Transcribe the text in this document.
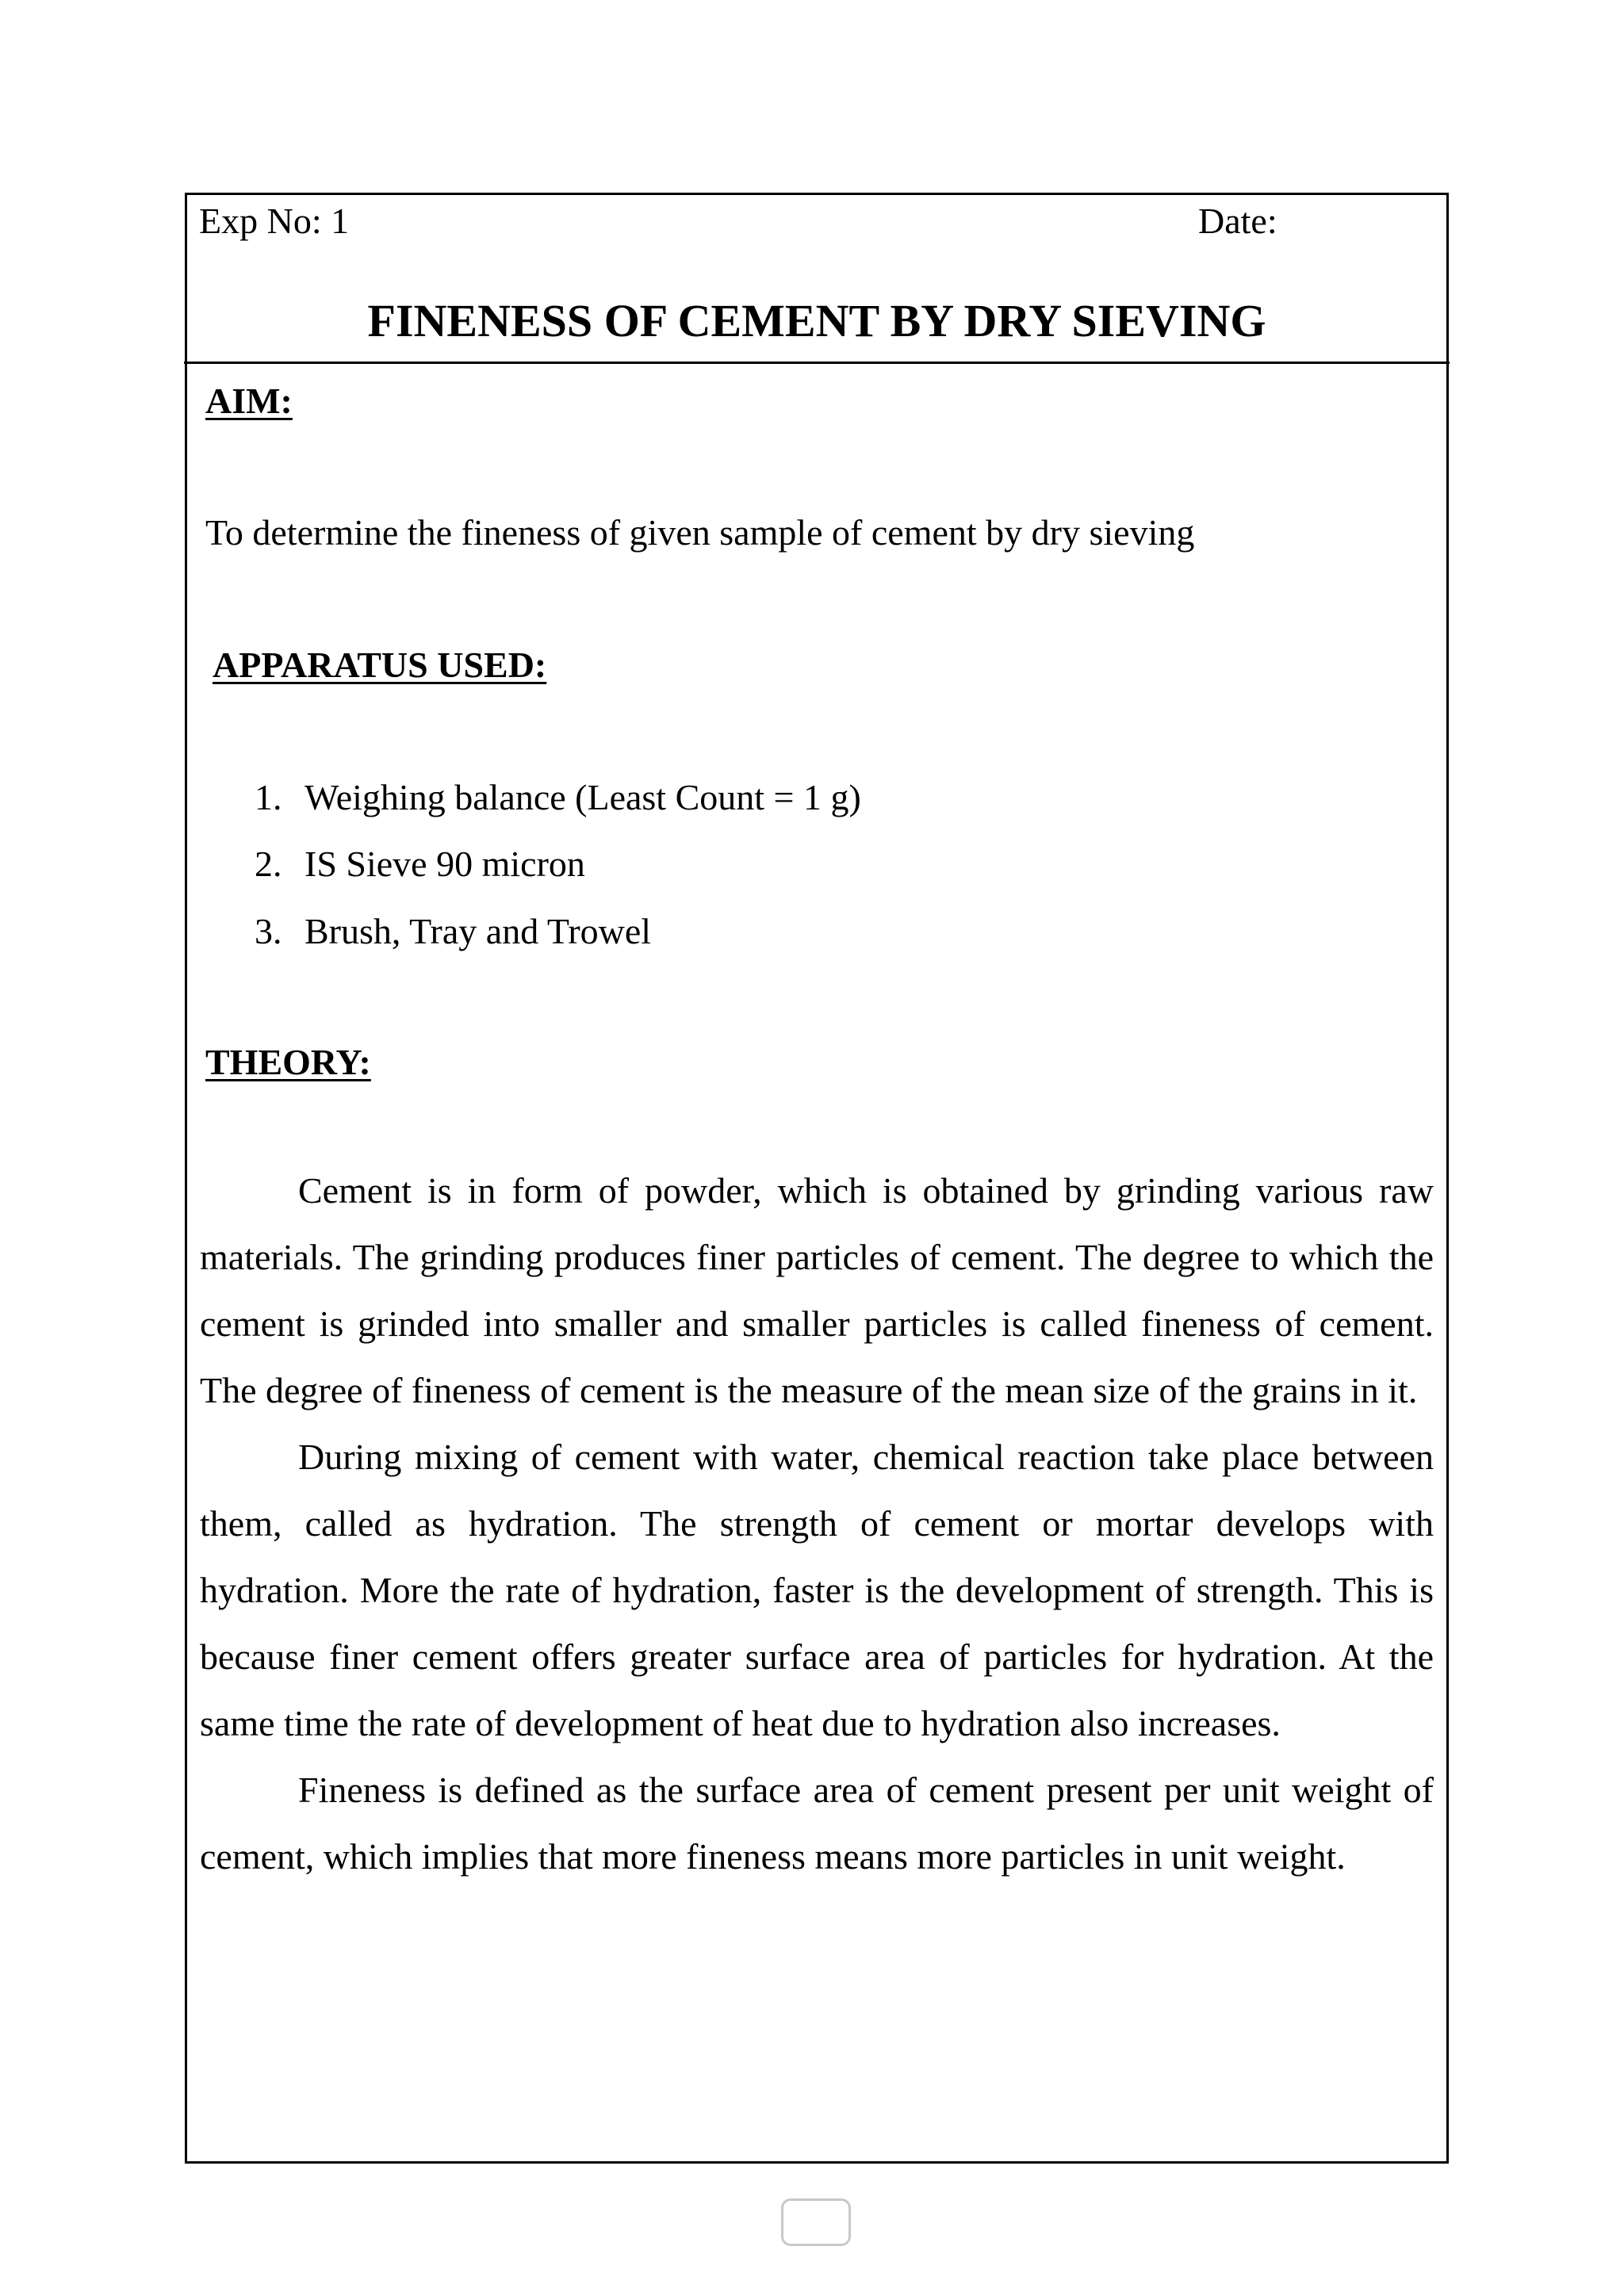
Exp No: 1	Date:
FINENESS OF CEMENT BY DRY SIEVING
AIM:
To determine the fineness of given sample of cement by dry sieving
APPARATUS USED:
1. Weighing balance (Least Count = 1 g)
2. IS Sieve 90 micron
3. Brush, Tray and Trowel
THEORY:

Cement is in form of powder, which is obtained by grinding various raw materials. The grinding produces finer particles of cement. The degree to which the cement is grinded into smaller and smaller particles is called fineness of cement. The degree of fineness of cement is the measure of the mean size of the grains in it.

During mixing of cement with water, chemical reaction take place between them, called as hydration. The strength of cement or mortar develops with hydration. More the rate of hydration, faster is the development of strength. This is because finer cement offers greater surface area of particles for hydration. At the same time the rate of development of heat due to hydration also increases.

Fineness is defined as the surface area of cement present per unit weight of cement, which implies that more fineness means more particles in unit weight.
